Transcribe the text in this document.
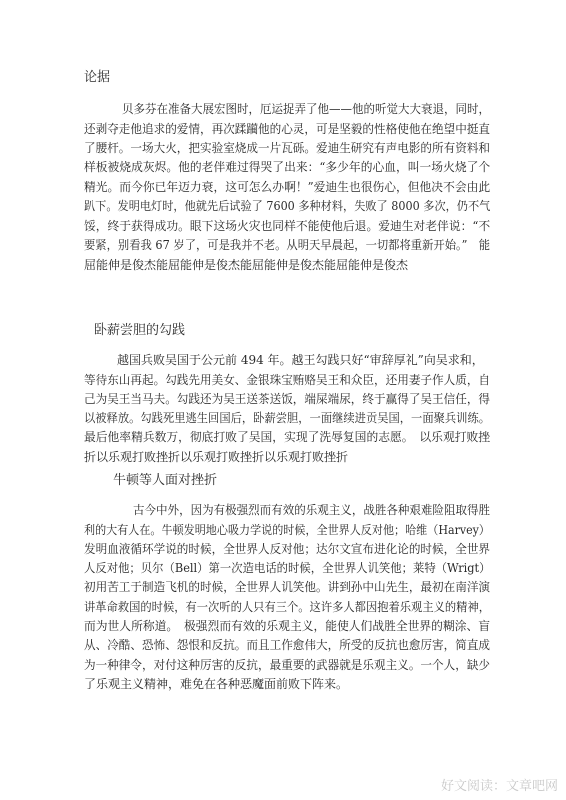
论据

贝多芬在准备大展宏图时，厄运捉弄了他——他的听觉大大衰退，同时，

还剥夺走他追求的爱情，再次蹂躏他的心灵，可是坚毅的性格使他在绝望中挺直

了腰杆。一场大火，把实验室烧成一片瓦砾。爱迪生研究有声电影的所有资料和

样板被烧成灰烬。他的老伴难过得哭了出来：“多少年的心血，叫一场火烧了个

精光。而今你已年迈力衰，这可怎么办啊！”爱迪生也很伤心，但他决不会由此

趴下。发明电灯时，他就先后试验了 7600 多种材料，失败了 8000 多次，仍不气

馁，终于获得成功。眼下这场火灾也同样不能使他后退。爱迪生对老伴说：“不

要紧，别看我 67 岁了，可是我并不老。从明天早晨起，一切都将重新开始。”　能

屈能伸是俊杰能屈能伸是俊杰能屈能伸是俊杰能屈能伸是俊杰

卧薪尝胆的勾践

越国兵败吴国于公元前 494 年。越王勾践只好“审辞厚礼”向吴求和，

等待东山再起。勾践先用美女、金银珠宝贿赂吴王和众臣，还用妻子作人质，自

己为吴王当马夫。勾践还为吴王送茶送饭，端屎端尿，终于赢得了吴王信任，得

以被释放。勾践死里逃生回国后，卧薪尝胆，一面继续进贡吴国，一面聚兵训练。

最后他率精兵数万，彻底打败了吴国，实现了洗辱复国的志愿。　以乐观打败挫

折以乐观打败挫折以乐观打败挫折以乐观打败挫折

牛顿等人面对挫折

古今中外，因为有极强烈而有效的乐观主义，战胜各种艰难险阻取得胜

利的大有人在。牛顿发明地心吸力学说的时候，全世界人反对他；哈维（Harvey）

发明血液循环学说的时候，全世界人反对他；达尔文宣布进化论的时候，全世界

人反对他；贝尔（Bell）第一次造电话的时候，全世界人讥笑他；莱特（Wrigt）

初用苦工于制造飞机的时候，全世界人讥笑他。讲到孙中山先生，最初在南洋演

讲革命救国的时候，有一次听的人只有三个。这许多人都因抱着乐观主义的精神，

而为世人所称道。　极强烈而有效的乐观主义，能使人们战胜全世界的糊涂、盲

从、冷酷、恐怖、怨恨和反抗。而且工作愈伟大，所受的反抗也愈厉害，简直成

为一种律令，对付这种厉害的反抗，最重要的武器就是乐观主义。一个人，缺少

了乐观主义精神，难免在各种恶魔面前败下阵来。

好文阅读：文章吧网
